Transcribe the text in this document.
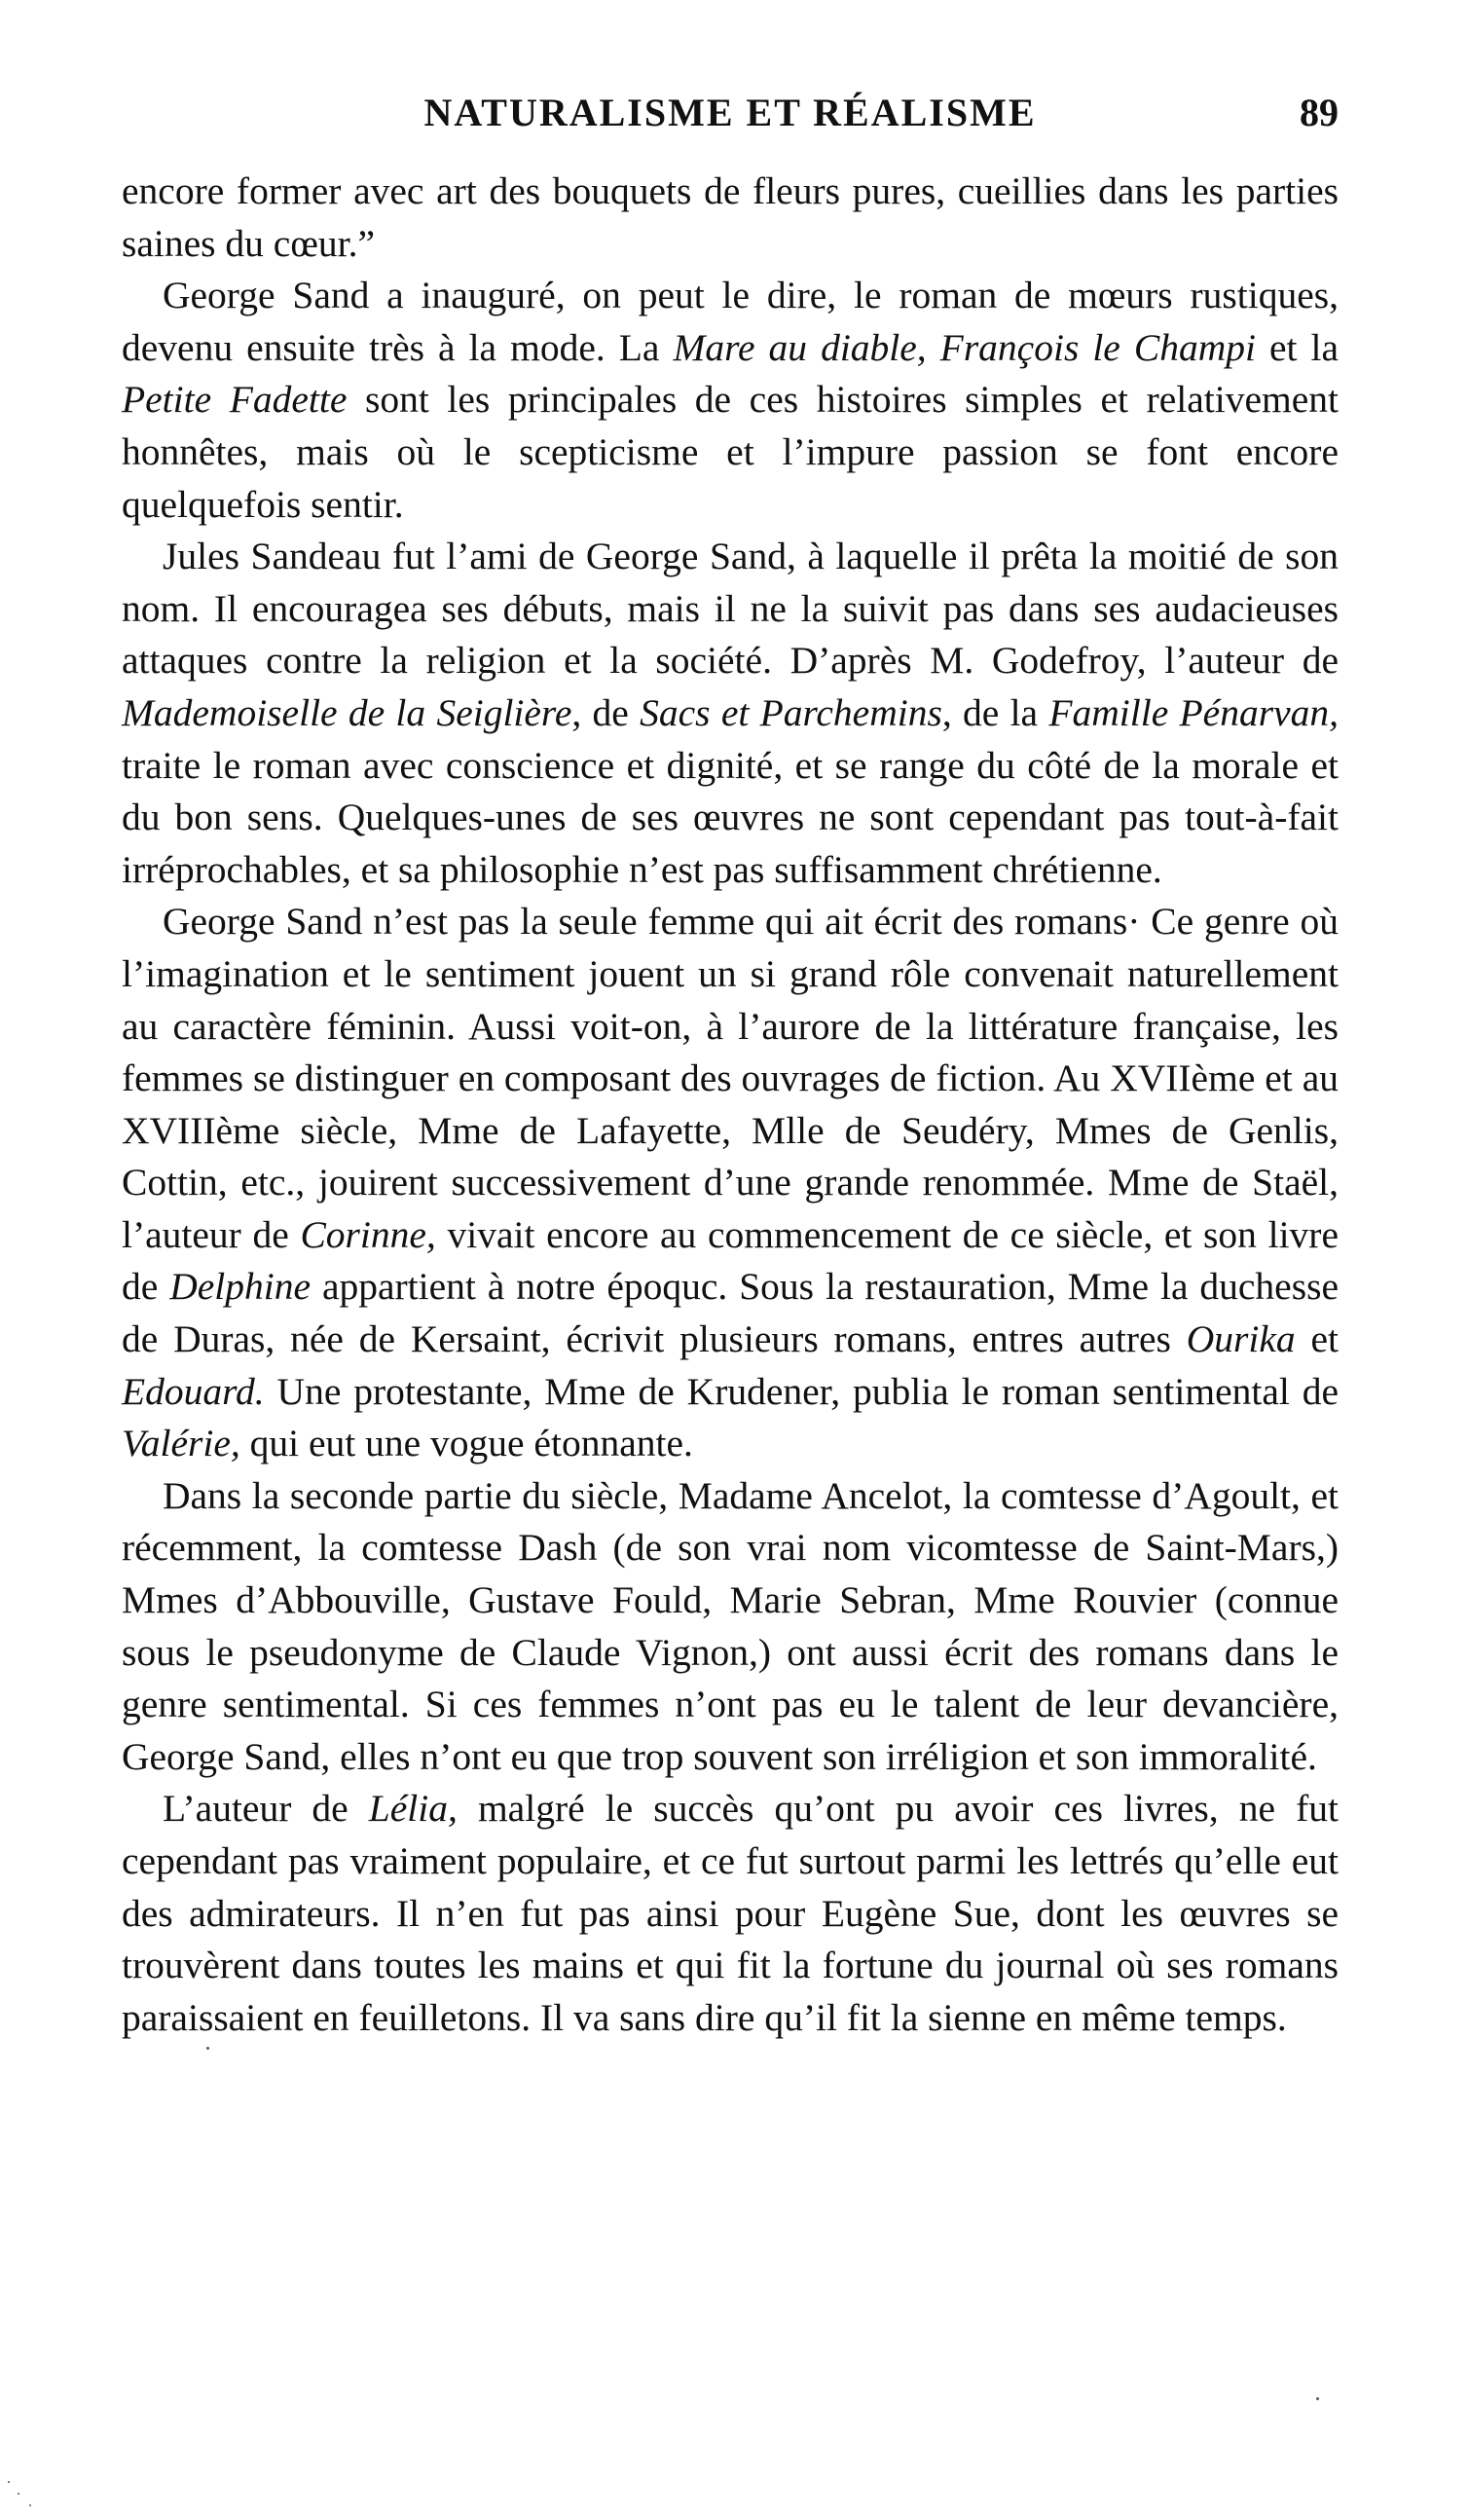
NATURALISME ET RÉALISME	89

encore former avec art des bouquets de fleurs pures, cueillies dans les parties saines du cœur.”

George Sand a inauguré, on peut le dire, le roman de mœurs rustiques, devenu ensuite très à la mode. La Mare au diable, François le Champi et la Petite Fadette sont les principales de ces histoires simples et relativement honnêtes, mais où le scepticisme et l’impure passion se font encore quelquefois sentir.

Jules Sandeau fut l’ami de George Sand, à laquelle il prêta la moitié de son nom. Il encouragea ses débuts, mais il ne la suivit pas dans ses audacieuses attaques contre la religion et la société. D’après M. Godefroy, l’auteur de Mademoiselle de la Seiglière, de Sacs et Parchemins, de la Famille Pénarvan, traite le roman avec conscience et dignité, et se range du côté de la morale et du bon sens. Quelques-unes de ses œuvres ne sont cependant pas tout-à-fait irréprochables, et sa philosophie n’est pas suffisamment chrétienne.

George Sand n’est pas la seule femme qui ait écrit des romans· Ce genre où l’imagination et le sentiment jouent un si grand rôle convenait naturellement au caractère féminin. Aussi voit-on, à l’aurore de la littérature française, les femmes se distinguer en composant des ouvrages de fiction. Au XVIIème et au XVIIIème siècle, Mme de Lafayette, Mlle de Seudéry, Mmes de Genlis, Cottin, etc., jouirent successivement d’une grande renommée. Mme de Staël, l’auteur de Corinne, vivait encore au commencement de ce siècle, et son livre de Delphine appartient à notre époquc. Sous la restauration, Mme la duchesse de Duras, née de Kersaint, écrivit plusieurs romans, entres autres Ourika et Edouard. Une protestante, Mme de Krudener, publia le roman sentimental de Valérie, qui eut une vogue étonnante.

Dans la seconde partie du siècle, Madame Ancelot, la comtesse d’Agoult, et récemment, la comtesse Dash (de son vrai nom vicomtesse de Saint-Mars,) Mmes d’Abbouville, Gustave Fould, Marie Sebran, Mme Rouvier (connue sous le pseudonyme de Claude Vignon,) ont aussi écrit des romans dans le genre sentimental. Si ces femmes n’ont pas eu le talent de leur devancière, George Sand, elles n’ont eu que trop souvent son irréligion et son immoralité.

L’auteur de Lélia, malgré le succès qu’ont pu avoir ces livres, ne fut cependant pas vraiment populaire, et ce fut surtout parmi les lettrés qu’elle eut des admirateurs. Il n’en fut pas ainsi pour Eugène Sue, dont les œuvres se trouvèrent dans toutes les mains et qui fit la fortune du journal où ses romans paraissaient en feuilletons. Il va sans dire qu’il fit la sienne en même temps.
